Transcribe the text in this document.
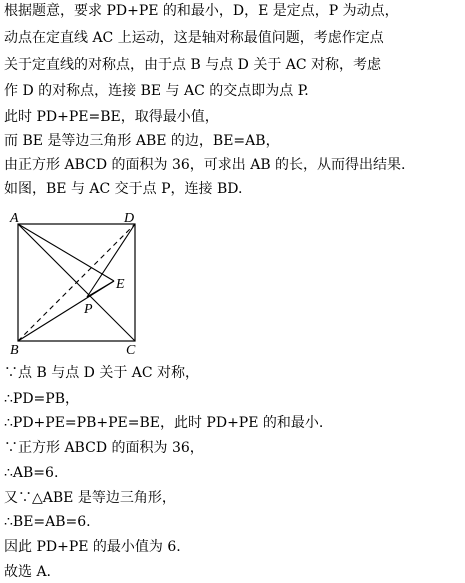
根据题意，要求 PD+PE 的和最小，D，E 是定点，P 为动点，
动点在定直线 AC 上运动，这是轴对称最值问题，考虑作定点
关于定直线的对称点，由于点 B 与点 D 关于 AC 对称，考虑
作 D 的对称点，连接 BE 与 AC 的交点即为点 P.
此时 PD+PE=BE，取得最小值，
而 BE 是等边三角形 ABE 的边，BE=AB，
由正方形 ABCD 的面积为 36，可求出 AB 的长，从而得出结果.
如图，BE 与 AC 交于点 P，连接 BD.
A	D
E
P
B	C
∵点 B 与点 D 关于 AC 对称，
∴PD=PB，
∴PD+PE=PB+PE=BE，此时 PD+PE 的和最小.
∵正方形 ABCD 的面积为 36，
∴AB=6.
又∵△ABE 是等边三角形，
∴BE=AB=6.
因此 PD+PE 的最小值为 6.
故选 A.
